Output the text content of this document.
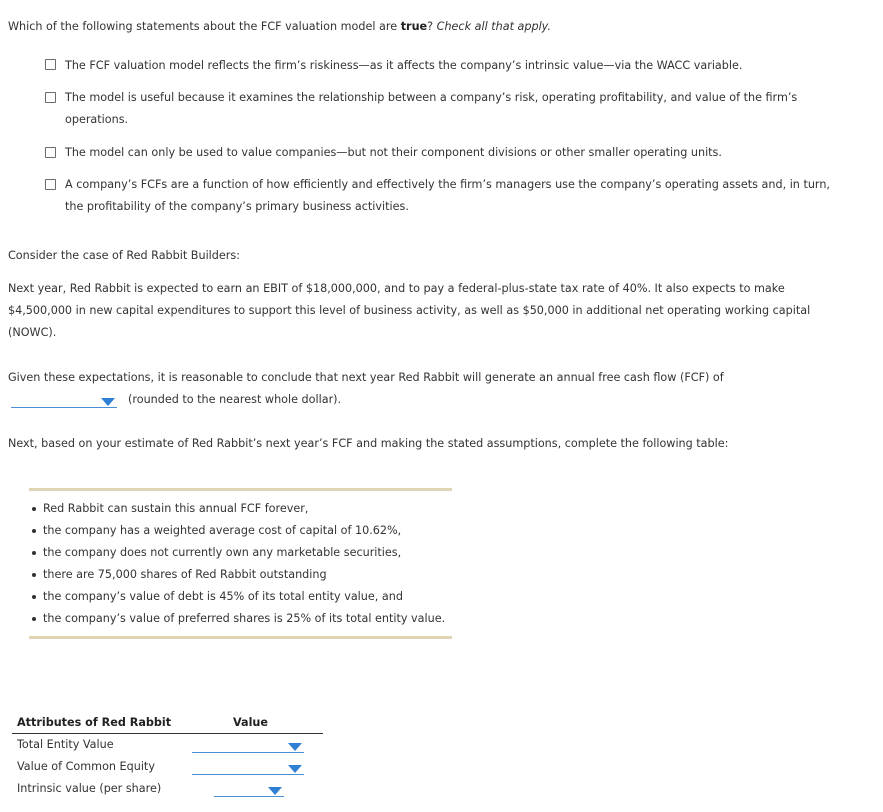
Which of the following statements about the FCF valuation model are true? Check all that apply.
The FCF valuation model reflects the firm’s riskiness—as it affects the company’s intrinsic value—via the WACC variable.
The model is useful because it examines the relationship between a company’s risk, operating profitability, and value of the firm’s
operations.
The model can only be used to value companies—but not their component divisions or other smaller operating units.
A company’s FCFs are a function of how efficiently and effectively the firm’s managers use the company’s operating assets and, in turn,
the profitability of the company’s primary business activities.
Consider the case of Red Rabbit Builders:
Next year, Red Rabbit is expected to earn an EBIT of $18,000,000, and to pay a federal-plus-state tax rate of 40%. It also expects to make
$4,500,000 in new capital expenditures to support this level of business activity, as well as $50,000 in additional net operating working capital
(NOWC).
Given these expectations, it is reasonable to conclude that next year Red Rabbit will generate an annual free cash flow (FCF) of
(rounded to the nearest whole dollar).
Next, based on your estimate of Red Rabbit’s next year’s FCF and making the stated assumptions, complete the following table:
Red Rabbit can sustain this annual FCF forever,
the company has a weighted average cost of capital of 10.62%,
the company does not currently own any marketable securities,
there are 75,000 shares of Red Rabbit outstanding
the company’s value of debt is 45% of its total entity value, and
the company’s value of preferred shares is 25% of its total entity value.
Attributes of Red Rabbit	Value
Total Entity Value
Value of Common Equity
Intrinsic value (per share)
